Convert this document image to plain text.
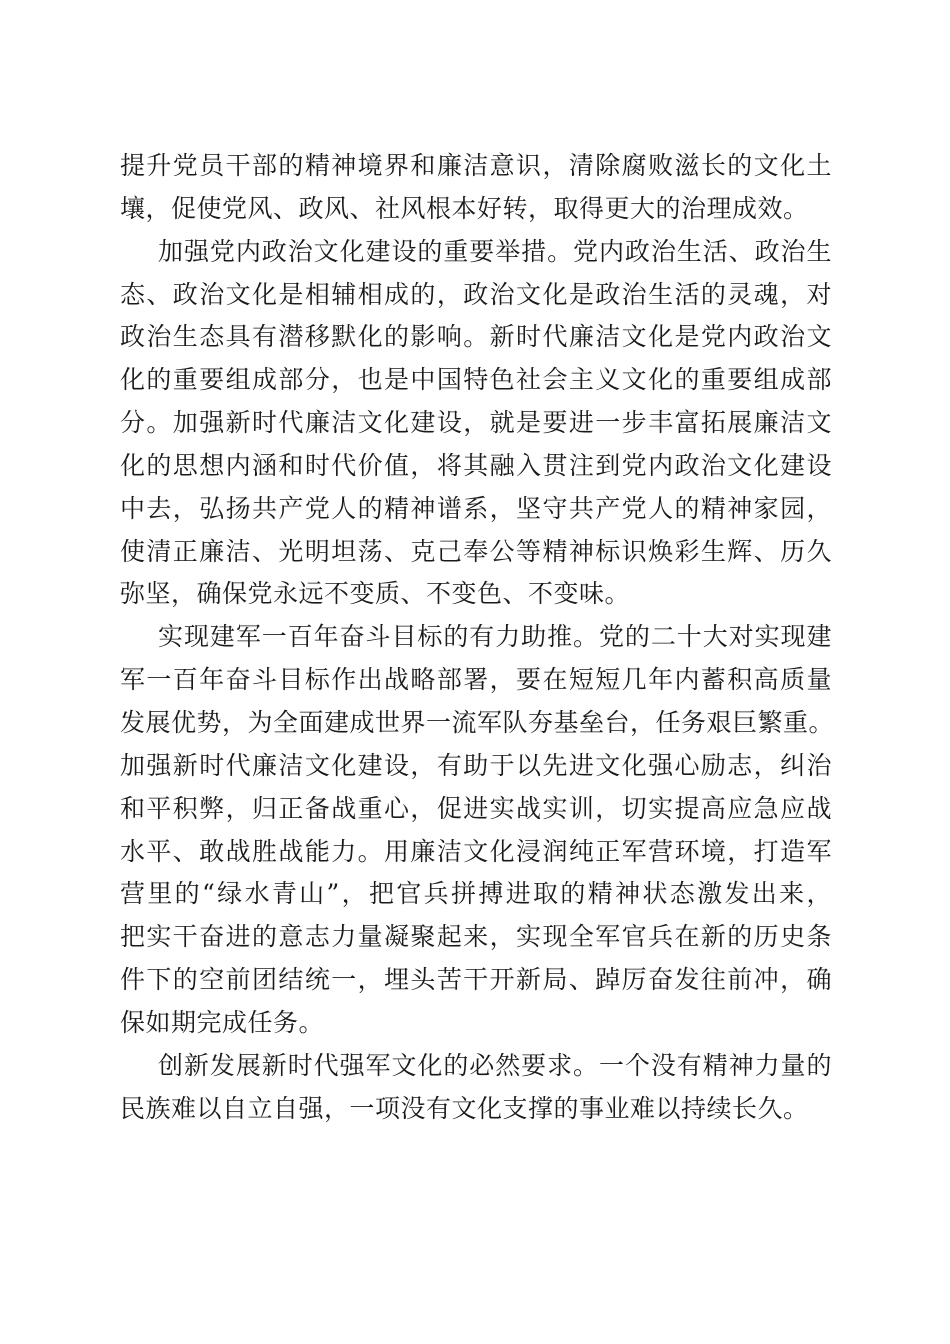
提升党员干部的精神境界和廉洁意识，清除腐败滋长的文化土
壤，促使党风、政风、社风根本好转，取得更大的治理成效。
加强党内政治文化建设的重要举措。党内政治生活、政治生
态、政治文化是相辅相成的，政治文化是政治生活的灵魂，对
政治生态具有潜移默化的影响。新时代廉洁文化是党内政治文
化的重要组成部分，也是中国特色社会主义文化的重要组成部
分。加强新时代廉洁文化建设，就是要进一步丰富拓展廉洁文
化的思想内涵和时代价值，将其融入贯注到党内政治文化建设
中去，弘扬共产党人的精神谱系，坚守共产党人的精神家园，
使清正廉洁、光明坦荡、克己奉公等精神标识焕彩生辉、历久
弥坚，确保党永远不变质、不变色、不变味。
实现建军一百年奋斗目标的有力助推。党的二十大对实现建
军一百年奋斗目标作出战略部署，要在短短几年内蓄积高质量
发展优势，为全面建成世界一流军队夯基垒台，任务艰巨繁重。
加强新时代廉洁文化建设，有助于以先进文化强心励志，纠治
和平积弊，归正备战重心，促进实战实训，切实提高应急应战
水平、敢战胜战能力。用廉洁文化浸润纯正军营环境，打造军
营里的“绿水青山”，把官兵拼搏进取的精神状态激发出来，
把实干奋进的意志力量凝聚起来，实现全军官兵在新的历史条
件下的空前团结统一，埋头苦干开新局、踔厉奋发往前冲，确
保如期完成任务。
创新发展新时代强军文化的必然要求。一个没有精神力量的
民族难以自立自强，一项没有文化支撑的事业难以持续长久。
